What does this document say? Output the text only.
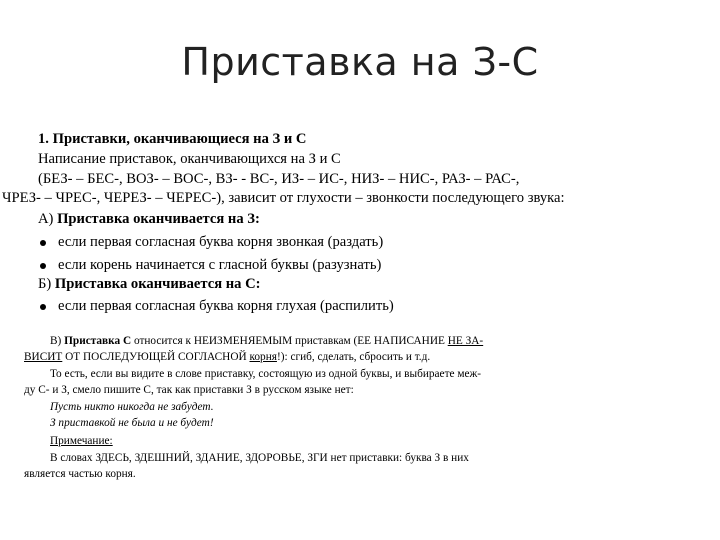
Приставка на З-С
1. Приставки, оканчивающиеся на З и С
Написание приставок, оканчивающихся на З и С
(БЕЗ- – БЕС-, ВОЗ- – ВОС-, ВЗ- - ВС-, ИЗ- – ИС-, НИЗ- – НИС-, РАЗ- – РАС-,
ЧРЕЗ- – ЧРЕС-, ЧЕРЕЗ- – ЧЕРЕС-), зависит от глухости – звонкости последующего звука:
А) Приставка оканчивается на З:
если первая согласная буква корня звонкая (раздать)
если корень начинается с гласной буквы (разузнать)
Б) Приставка оканчивается на С:
если первая согласная буква корня глухая (распилить)
В) Приставка С относится к НЕИЗМЕНЯЕМЫМ приставкам (ЕЕ НАПИСАНИЕ НЕ ЗА-
ВИСИТ ОТ ПОСЛЕДУЮЩЕЙ СОГЛАСНОЙ корня!): сгиб, сделать, сбросить и т.д.
То есть, если вы видите в слове приставку, состоящую из одной буквы, и выбираете меж-
ду С- и З, смело пишите С, так как приставки З в русском языке нет:
Пусть никто никогда не забудет.
З приставкой не была и не будет!
Примечание:
В словах ЗДЕСЬ, ЗДЕШНИЙ, ЗДАНИЕ, ЗДОРОВЬЕ, ЗГИ нет приставки: буква З в них
является частью корня.
